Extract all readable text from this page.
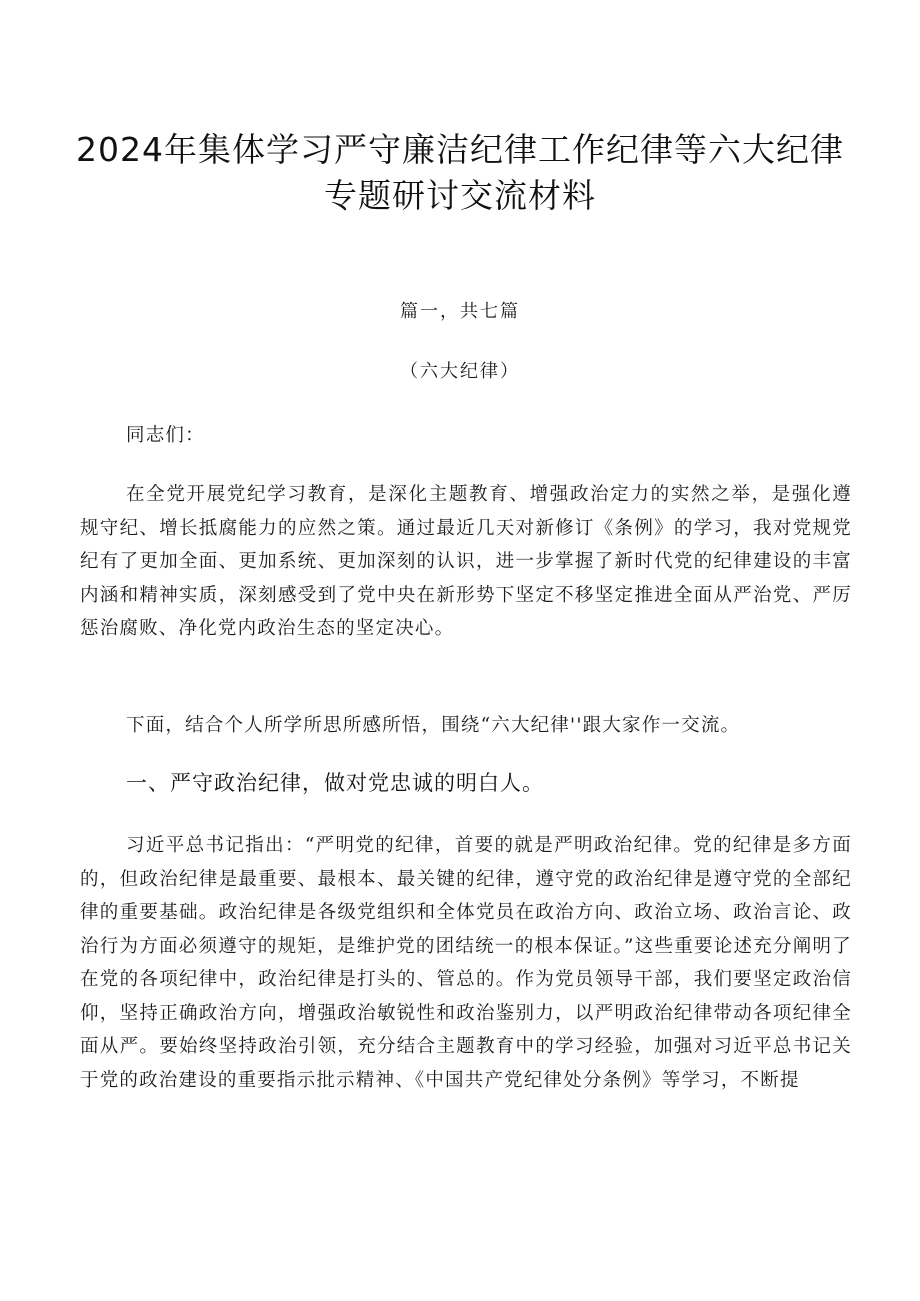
2024年集体学习严守廉洁纪律工作纪律等六大纪律
专题研讨交流材料
篇一，共七篇
（六大纪律）

同志们：

在全党开展党纪学习教育，是深化主题教育、增强政治定力的实然之举，是强化遵规守纪、增长抵腐能力的应然之策。通过最近几天对新修订《条例》的学习，我对党规党纪有了更加全面、更加系统、更加深刻的认识，进一步掌握了新时代党的纪律建设的丰富内涵和精神实质，深刻感受到了党中央在新形势下坚定不移坚定推进全面从严治党、严厉惩治腐败、净化党内政治生态的坚定决心。

下面，结合个人所学所思所感所悟，围绕“六大纪律''跟大家作一交流。

一、严守政治纪律，做对党忠诚的明白人。

习近平总书记指出：“严明党的纪律，首要的就是严明政治纪律。党的纪律是多方面的，但政治纪律是最重要、最根本、最关键的纪律，遵守党的政治纪律是遵守党的全部纪律的重要基础。政治纪律是各级党组织和全体党员在政治方向、政治立场、政治言论、政治行为方面必须遵守的规矩，是维护党的团结统一的根本保证。”这些重要论述充分阐明了在党的各项纪律中，政治纪律是打头的、管总的。作为党员领导干部，我们要坚定政治信仰，坚持正确政治方向，增强政治敏锐性和政治鉴别力，以严明政治纪律带动各项纪律全面从严。要始终坚持政治引领，充分结合主题教育中的学习经验，加强对习近平总书记关于党的政治建设的重要指示批示精神、《中国共产党纪律处分条例》等学习，不断提
